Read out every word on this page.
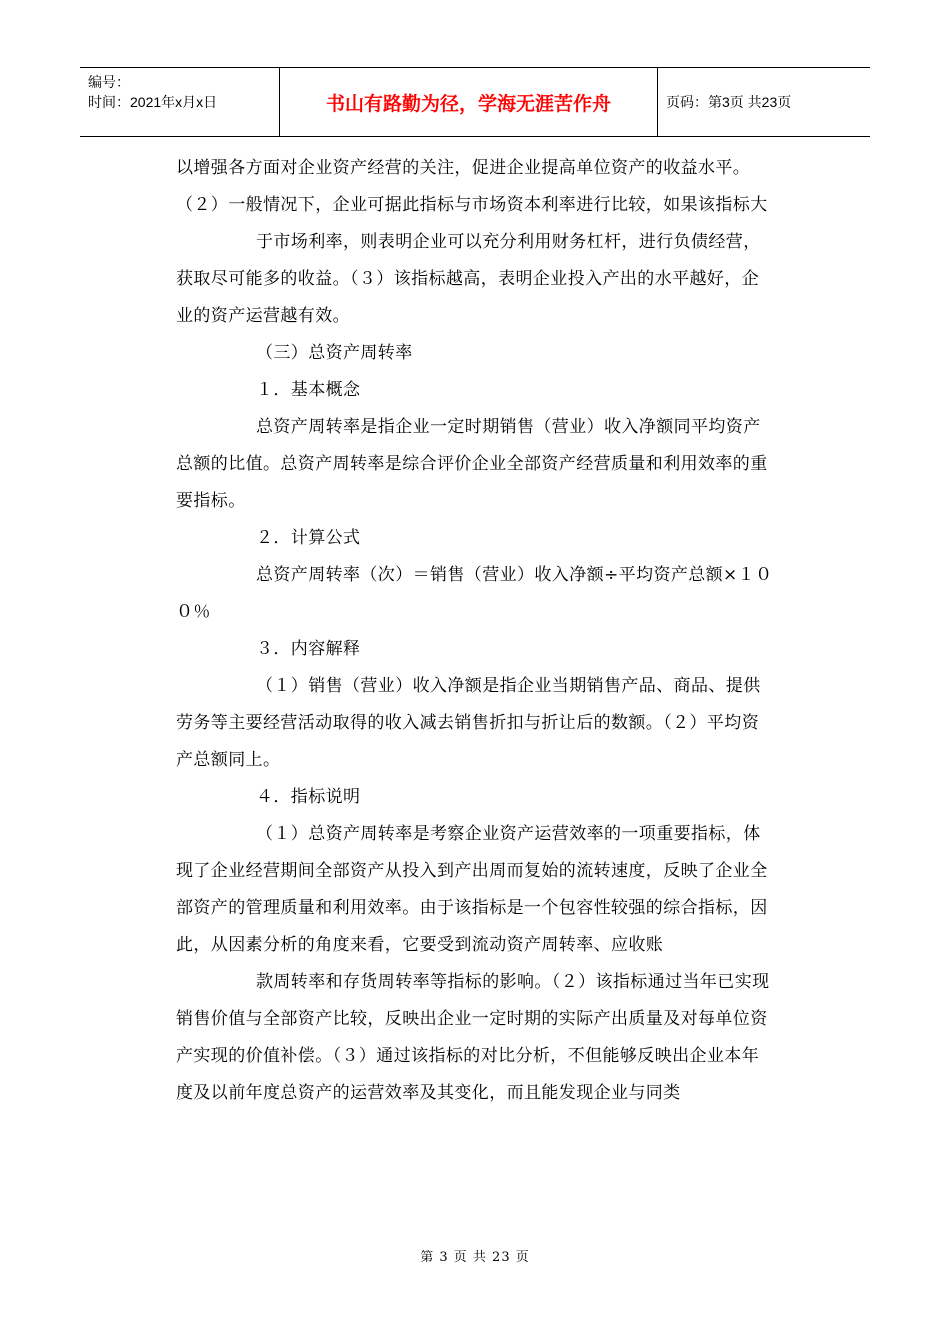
编号：
时间：2021年x月x日	书山有路勤为径，学海无涯苦作舟	页码：第3页 共23页

以增强各方面对企业资产经营的关注，促进企业提高单位资产的收益水平。（２）一般情况下，企业可据此指标与市场资本利率进行比较，如果该指标大

于市场利率，则表明企业可以充分利用财务杠杆，进行负债经营，获取尽可能多的收益。（３）该指标越高，表明企业投入产出的水平越好，企业的资产运营越有效。

（三）总资产周转率

１．基本概念

总资产周转率是指企业一定时期销售（营业）收入净额同平均资产总额的比值。总资产周转率是综合评价企业全部资产经营质量和利用效率的重要指标。

２．计算公式

总资产周转率（次）＝销售（营业）收入净额÷平均资产总额×１００％

３．内容解释

（１）销售（营业）收入净额是指企业当期销售产品、商品、提供劳务等主要经营活动取得的收入减去销售折扣与折让后的数额。（２）平均资产总额同上。

４．指标说明

（１）总资产周转率是考察企业资产运营效率的一项重要指标，体现了企业经营期间全部资产从投入到产出周而复始的流转速度，反映了企业全部资产的管理质量和利用效率。由于该指标是一个包容性较强的综合指标，因此，从因素分析的角度来看，它要受到流动资产周转率、应收账

款周转率和存货周转率等指标的影响。（２）该指标通过当年已实现销售价值与全部资产比较，反映出企业一定时期的实际产出质量及对每单位资产实现的价值补偿。（３）通过该指标的对比分析，不但能够反映出企业本年度及以前年度总资产的运营效率及其变化，而且能发现企业与同类

第 3 页 共 23 页
